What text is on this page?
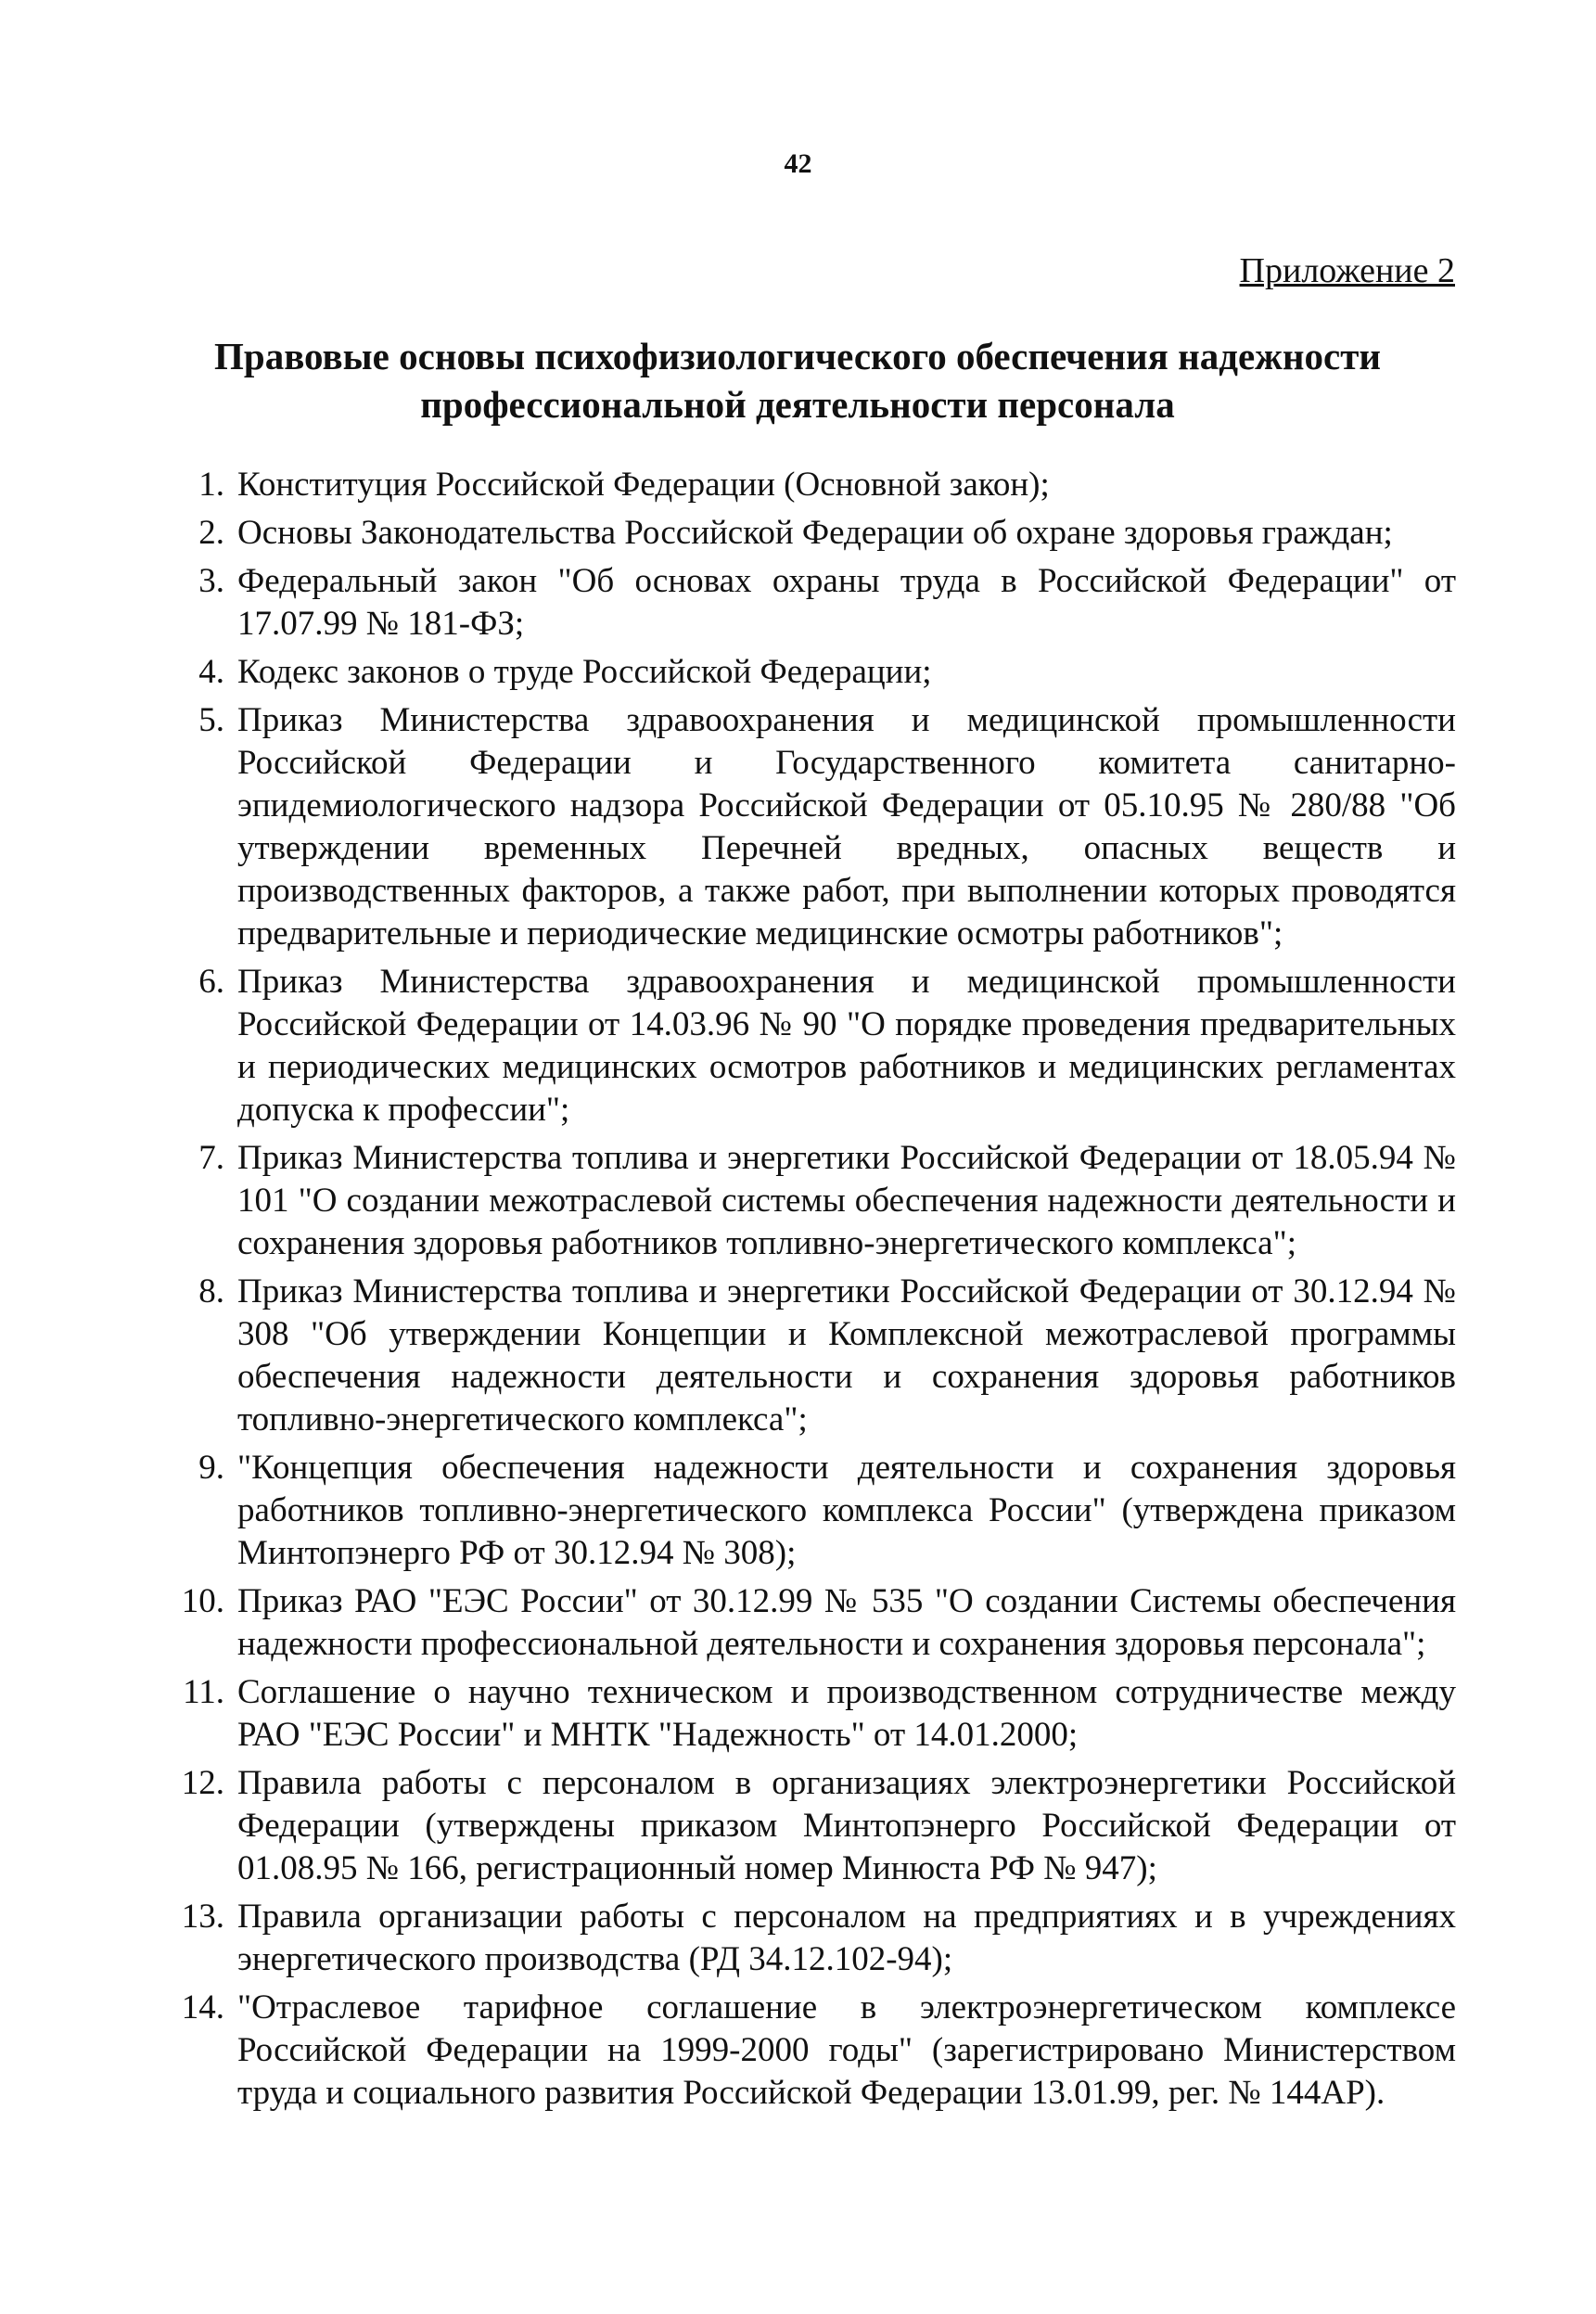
42
Приложение 2
Правовые основы психофизиологического обеспечения надежности
профессиональной деятельности персонала
1. Конституция Российской Федерации (Основной закон);
2. Основы Законодательства Российской Федерации об охране здоровья граждан;
3. Федеральный закон "Об основах охраны труда в Российской Федерации" от 17.07.99 № 181-ФЗ;
4. Кодекс законов о труде Российской Федерации;
5. Приказ Министерства здравоохранения и медицинской промышленности Российской Федерации и Государственного комитета санитарно-эпидемиологического надзора Российской Федерации от 05.10.95 № 280/88 "Об утверждении временных Перечней вредных, опасных веществ и производственных факторов, а также работ, при выполнении которых проводятся предварительные и периодические медицинские осмотры работников";
6. Приказ Министерства здравоохранения и медицинской промышленности Российской Федерации от 14.03.96 № 90 "О порядке проведения предварительных и периодических медицинских осмотров работников и медицинских регламентах допуска к профессии";
7. Приказ Министерства топлива и энергетики Российской Федерации от 18.05.94 № 101 "О создании межотраслевой системы обеспечения надежности деятельности и сохранения здоровья работников топливно-энергетического комплекса";
8. Приказ Министерства топлива и энергетики Российской Федерации от 30.12.94 № 308 "Об утверждении Концепции и Комплексной межотраслевой программы обеспечения надежности деятельности и сохранения здоровья работников топливно-энергетического комплекса";
9. "Концепция обеспечения надежности деятельности и сохранения здоровья работников топливно-энергетического комплекса России" (утверждена приказом Минтопэнерго РФ от 30.12.94 № 308);
10. Приказ РАО "ЕЭС России" от 30.12.99 № 535 "О создании Системы обеспечения надежности профессиональной деятельности и сохранения здоровья персонала";
11. Соглашение о научно техническом и производственном сотрудничестве между РАО "ЕЭС России" и МНТК "Надежность" от 14.01.2000;
12. Правила работы с персоналом в организациях электроэнергетики Российской Федерации (утверждены приказом Минтопэнерго Российской Федерации от 01.08.95 № 166, регистрационный номер Минюста РФ № 947);
13. Правила организации работы с персоналом на предприятиях и в учреждениях энергетического производства (РД 34.12.102-94);
14. "Отраслевое тарифное соглашение в электроэнергетическом комплексе Российской Федерации на 1999-2000 годы" (зарегистрировано Министерством труда и социального развития Российской Федерации 13.01.99, рег. № 144АР).
